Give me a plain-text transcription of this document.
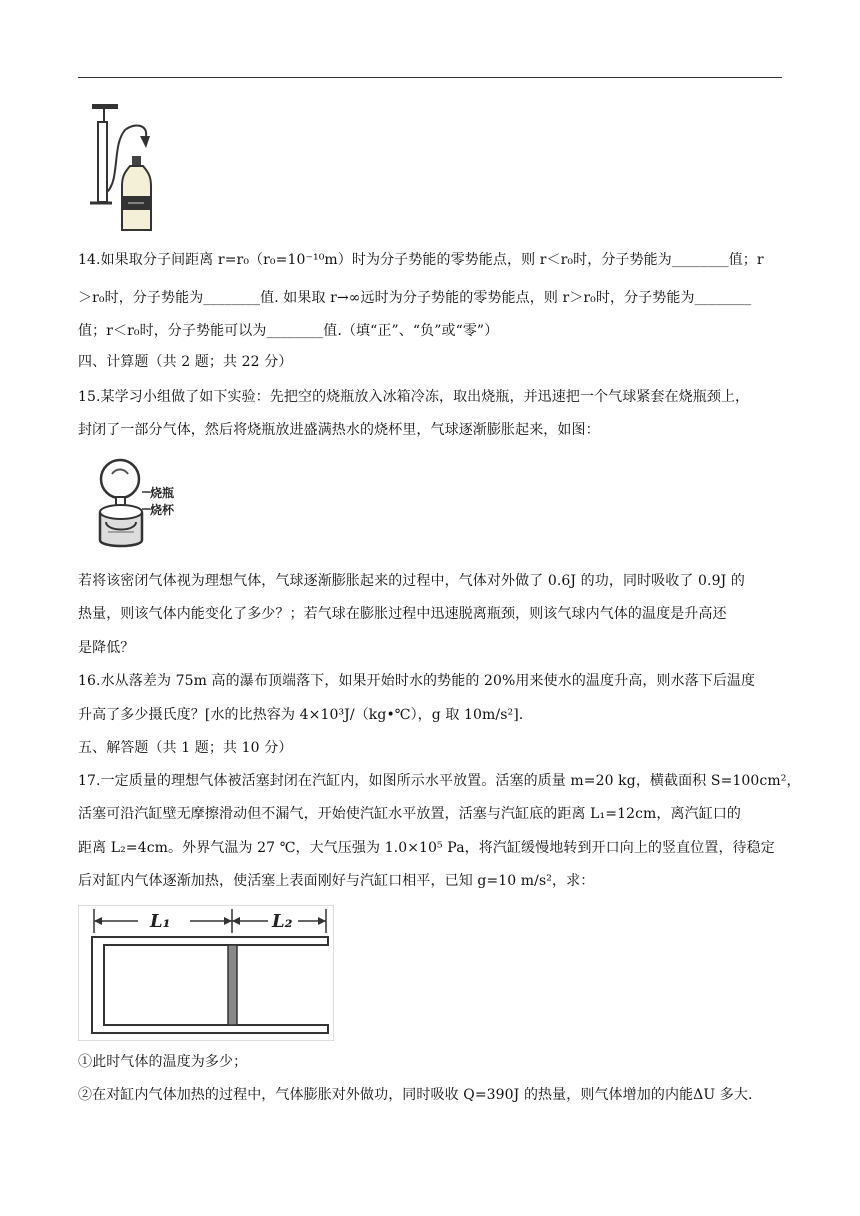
14.如果取分子间距离 r=r₀（r₀=10⁻¹⁰m）时为分子势能的零势能点，则 r＜r₀时，分子势能为________值；r
＞r₀时，分子势能为________值. 如果取 r→∞远时为分子势能的零势能点，则 r＞r₀时，分子势能为________
值；r＜r₀时，分子势能可以为________值.（填“正”、“负”或“零”）
四、计算题（共 2 题；共 22 分）
15.某学习小组做了如下实验：先把空的烧瓶放入冰箱冷冻，取出烧瓶，并迅速把一个气球紧套在烧瓶颈上，
封闭了一部分气体，然后将烧瓶放进盛满热水的烧杯里，气球逐渐膨胀起来，如图：
烧瓶
烧杯
若将该密闭气体视为理想气体，气球逐渐膨胀起来的过程中，气体对外做了 0.6J 的功，同时吸收了 0.9J 的
热量，则该气体内能变化了多少？；若气球在膨胀过程中迅速脱离瓶颈，则该气球内气体的温度是升高还
是降低？
16.水从落差为 75m 高的瀑布顶端落下，如果开始时水的势能的 20%用来使水的温度升高，则水落下后温度
升高了多少摄氏度？[水的比热容为 4×10³J/（kg•℃），g 取 10m/s²].
五、解答题（共 1 题；共 10 分）
17.一定质量的理想气体被活塞封闭在汽缸内，如图所示水平放置。活塞的质量 m=20 kg，横截面积 S=100cm²，
活塞可沿汽缸壁无摩擦滑动但不漏气，开始使汽缸水平放置，活塞与汽缸底的距离 L₁=12cm，离汽缸口的
距离 L₂=4cm。外界气温为 27 ℃，大气压强为 1.0×10⁵ Pa，将汽缸缓慢地转到开口向上的竖直位置，待稳定
后对缸内气体逐渐加热，使活塞上表面刚好与汽缸口相平，已知 g=10 m/s²，求：
L₁	L₂
①此时气体的温度为多少；
②在对缸内气体加热的过程中，气体膨胀对外做功，同时吸收 Q=390J 的热量，则气体增加的内能ΔU 多大.
